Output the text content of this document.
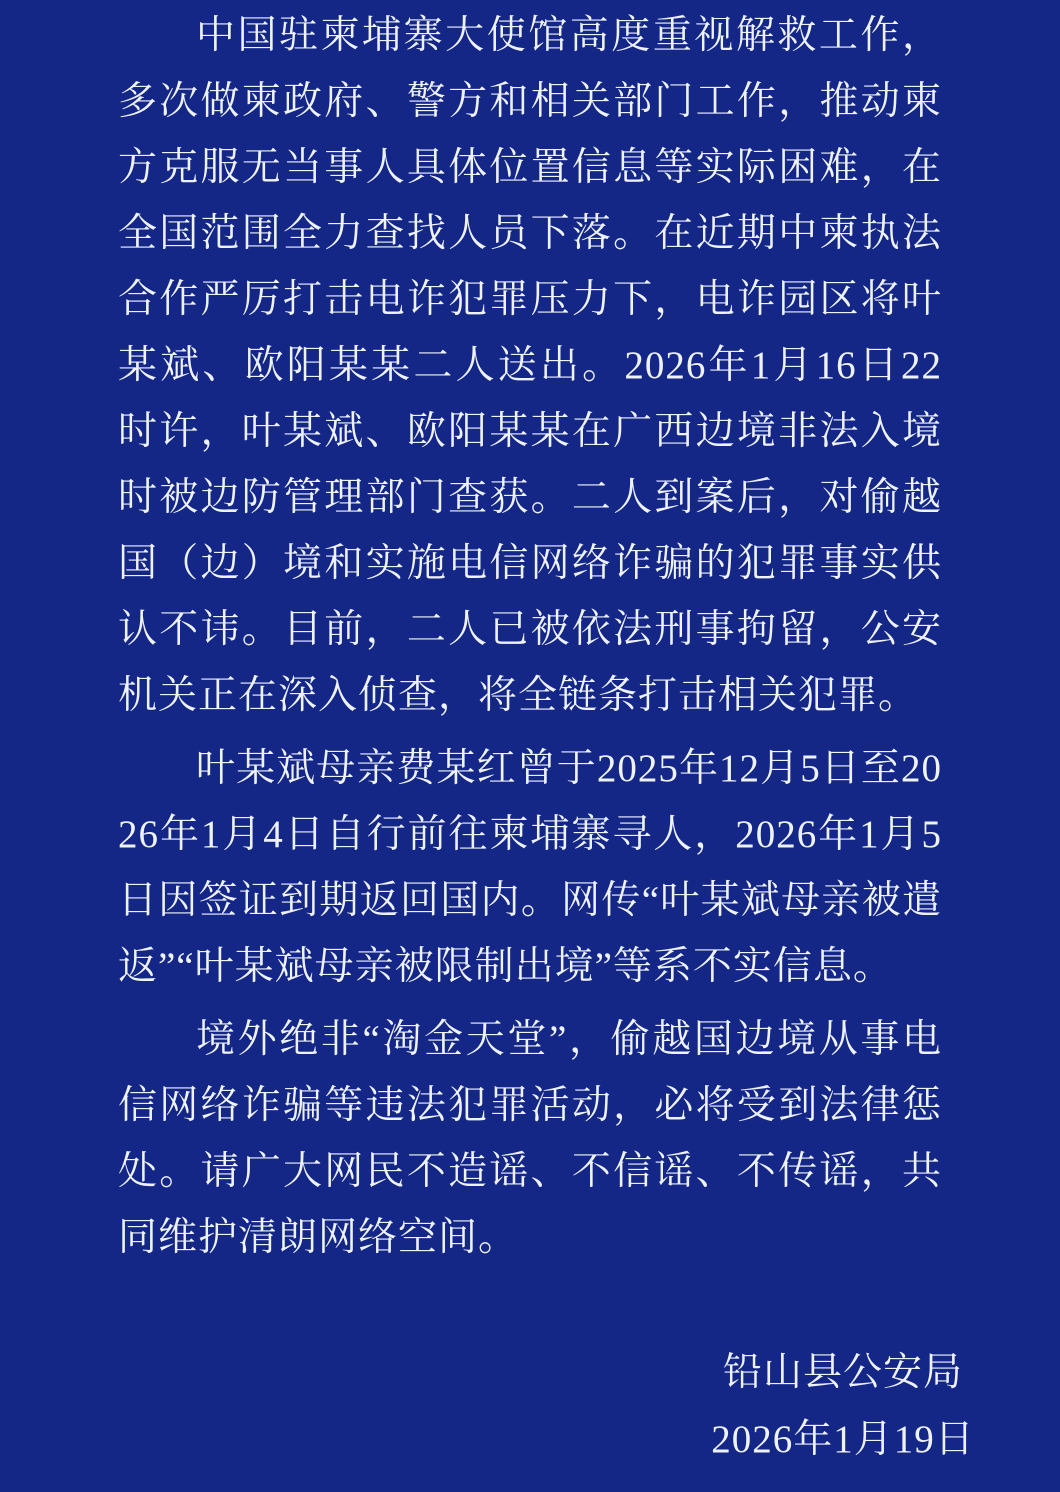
中国驻柬埔寨大使馆高度重视解救工作，多次做柬政府、警方和相关部门工作，推动柬方克服无当事人具体位置信息等实际困难，在全国范围全力查找人员下落。在近期中柬执法合作严厉打击电诈犯罪压力下，电诈园区将叶某斌、欧阳某某二人送出。2026年1月16日22时许，叶某斌、欧阳某某在广西边境非法入境时被边防管理部门查获。二人到案后，对偷越国（边）境和实施电信网络诈骗的犯罪事实供认不讳。目前，二人已被依法刑事拘留，公安机关正在深入侦查，将全链条打击相关犯罪。

叶某斌母亲费某红曾于2025年12月5日至2026年1月4日自行前往柬埔寨寻人，2026年1月5日因签证到期返回国内。网传“叶某斌母亲被遣返”“叶某斌母亲被限制出境”等系不实信息。

境外绝非“淘金天堂”，偷越国边境从事电信网络诈骗等违法犯罪活动，必将受到法律惩处。请广大网民不造谣、不信谣、不传谣，共同维护清朗网络空间。

铅山县公安局
2026年1月19日
